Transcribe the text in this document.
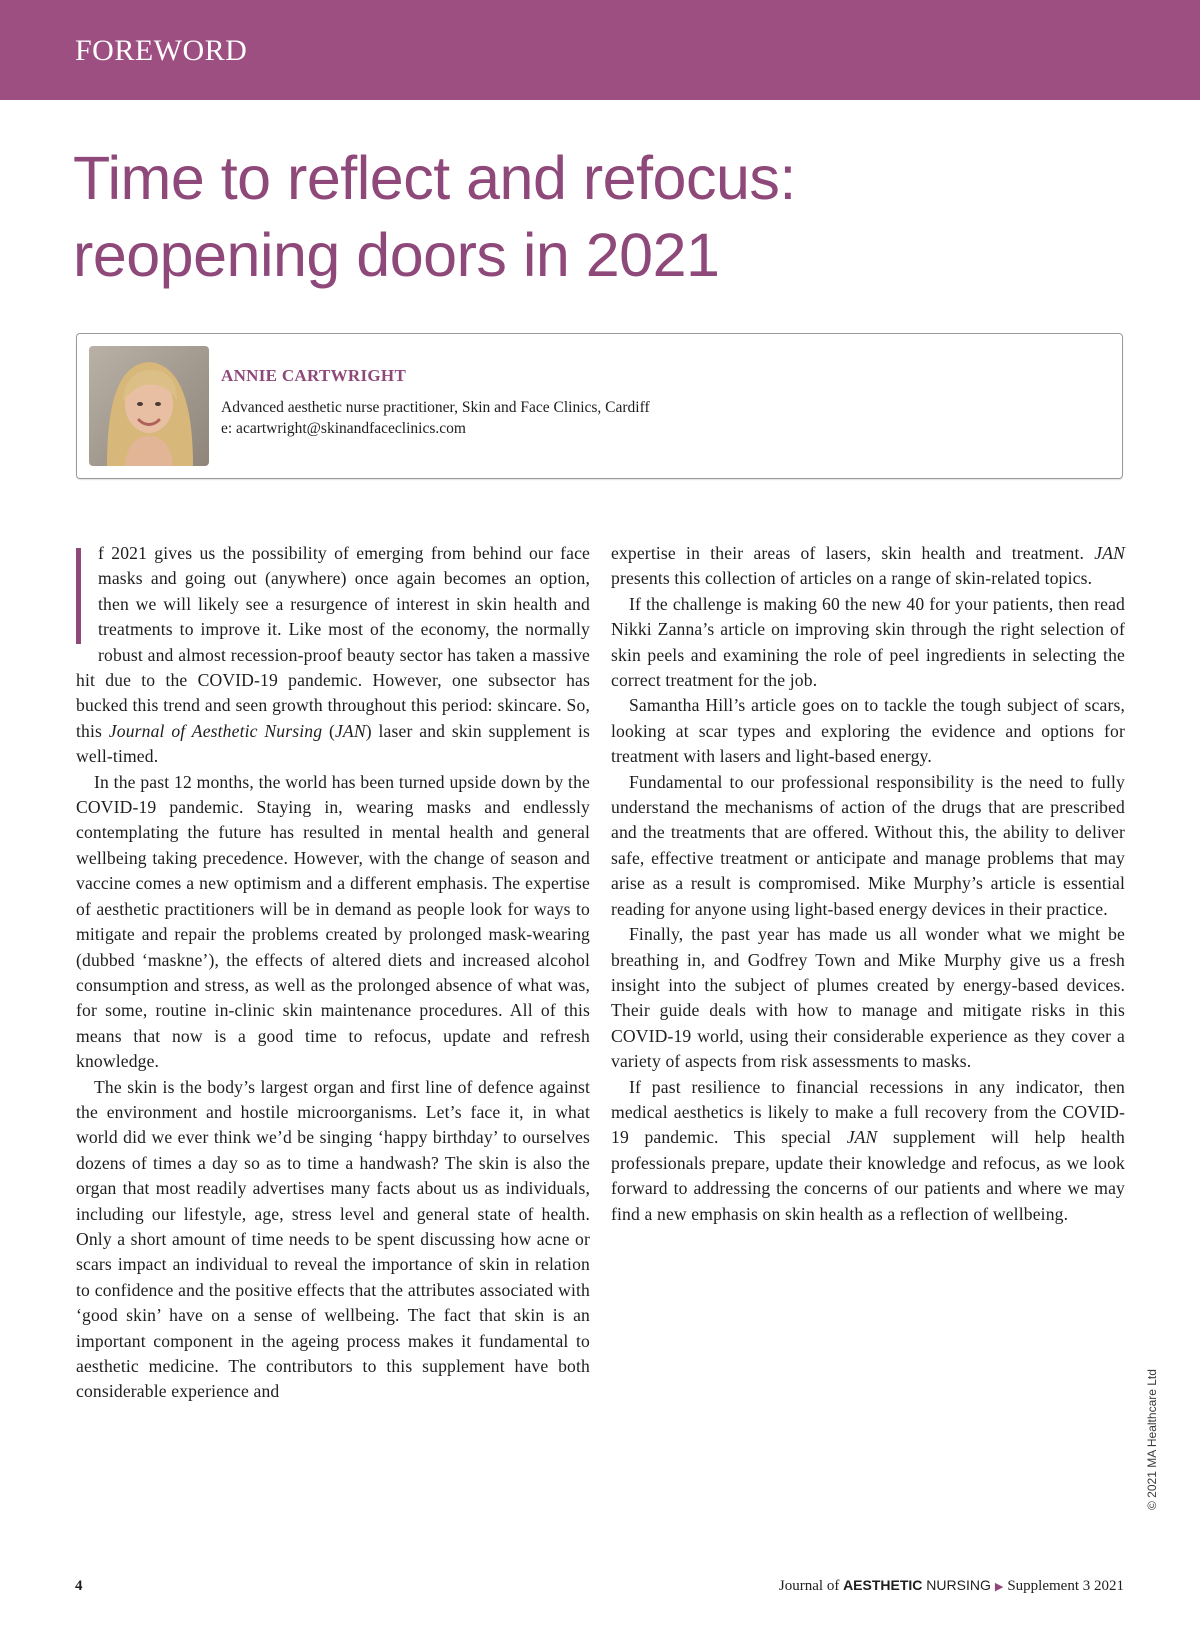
FOREWORD
Time to reflect and refocus:
reopening doors in 2021
ANNIE CARTWRIGHT
Advanced aesthetic nurse practitioner, Skin and Face Clinics, Cardiff
e: acartwright@skinandfaceclinics.com

f 2021 gives us the possibility of emerging from behind our face masks and going out (anywhere) once again becomes an option, then we will likely see a resurgence of interest in skin health and treatments to improve it. Like most of the economy, the normally robust and almost recession-proof beauty sector has taken a massive hit due to the COVID-19 pandemic. However, one subsector has bucked this trend and seen growth throughout this period: skincare. So, this Journal of Aesthetic Nursing (JAN) laser and skin supplement is well-timed.

In the past 12 months, the world has been turned upside down by the COVID-19 pandemic. Staying in, wearing masks and endlessly contemplating the future has resulted in mental health and general wellbeing taking precedence. However, with the change of season and vaccine comes a new optimism and a different emphasis. The expertise of aesthetic practitioners will be in demand as people look for ways to mitigate and repair the problems created by prolonged mask-wearing (dubbed ‘maskne’), the effects of altered diets and increased alcohol consumption and stress, as well as the prolonged absence of what was, for some, routine in-clinic skin maintenance procedures. All of this means that now is a good time to refocus, update and refresh knowledge.

The skin is the body’s largest organ and first line of defence against the environment and hostile microorganisms. Let’s face it, in what world did we ever think we’d be singing ‘happy birthday’ to ourselves dozens of times a day so as to time a handwash? The skin is also the organ that most readily advertises many facts about us as individuals, including our lifestyle, age, stress level and general state of health. Only a short amount of time needs to be spent discussing how acne or scars impact an individual to reveal the importance of skin in relation to confidence and the positive effects that the attributes associated with ‘good skin’ have on a sense of wellbeing. The fact that skin is an important component in the ageing process makes it fundamental to aesthetic medicine. The contributors to this supplement have both considerable experience and

expertise in their areas of lasers, skin health and treatment. JAN presents this collection of articles on a range of skin-related topics.

If the challenge is making 60 the new 40 for your patients, then read Nikki Zanna’s article on improving skin through the right selection of skin peels and examining the role of peel ingredients in selecting the correct treatment for the job.

Samantha Hill’s article goes on to tackle the tough subject of scars, looking at scar types and exploring the evidence and options for treatment with lasers and light-based energy.

Fundamental to our professional responsibility is the need to fully understand the mechanisms of action of the drugs that are prescribed and the treatments that are offered. Without this, the ability to deliver safe, effective treatment or anticipate and manage problems that may arise as a result is compromised. Mike Murphy’s article is essential reading for anyone using light-based energy devices in their practice.

Finally, the past year has made us all wonder what we might be breathing in, and Godfrey Town and Mike Murphy give us a fresh insight into the subject of plumes created by energy-based devices. Their guide deals with how to manage and mitigate risks in this COVID-19 world, using their considerable experience as they cover a variety of aspects from risk assessments to masks.

If past resilience to financial recessions in any indicator, then medical aesthetics is likely to make a full recovery from the COVID-19 pandemic. This special JAN supplement will help health professionals prepare, update their knowledge and refocus, as we look forward to addressing the concerns of our patients and where we may find a new emphasis on skin health as a reflection of wellbeing.

© 2021 MA Healthcare Ltd
4	Journal of AESTHETIC NURSING ▶ Supplement 3 2021
